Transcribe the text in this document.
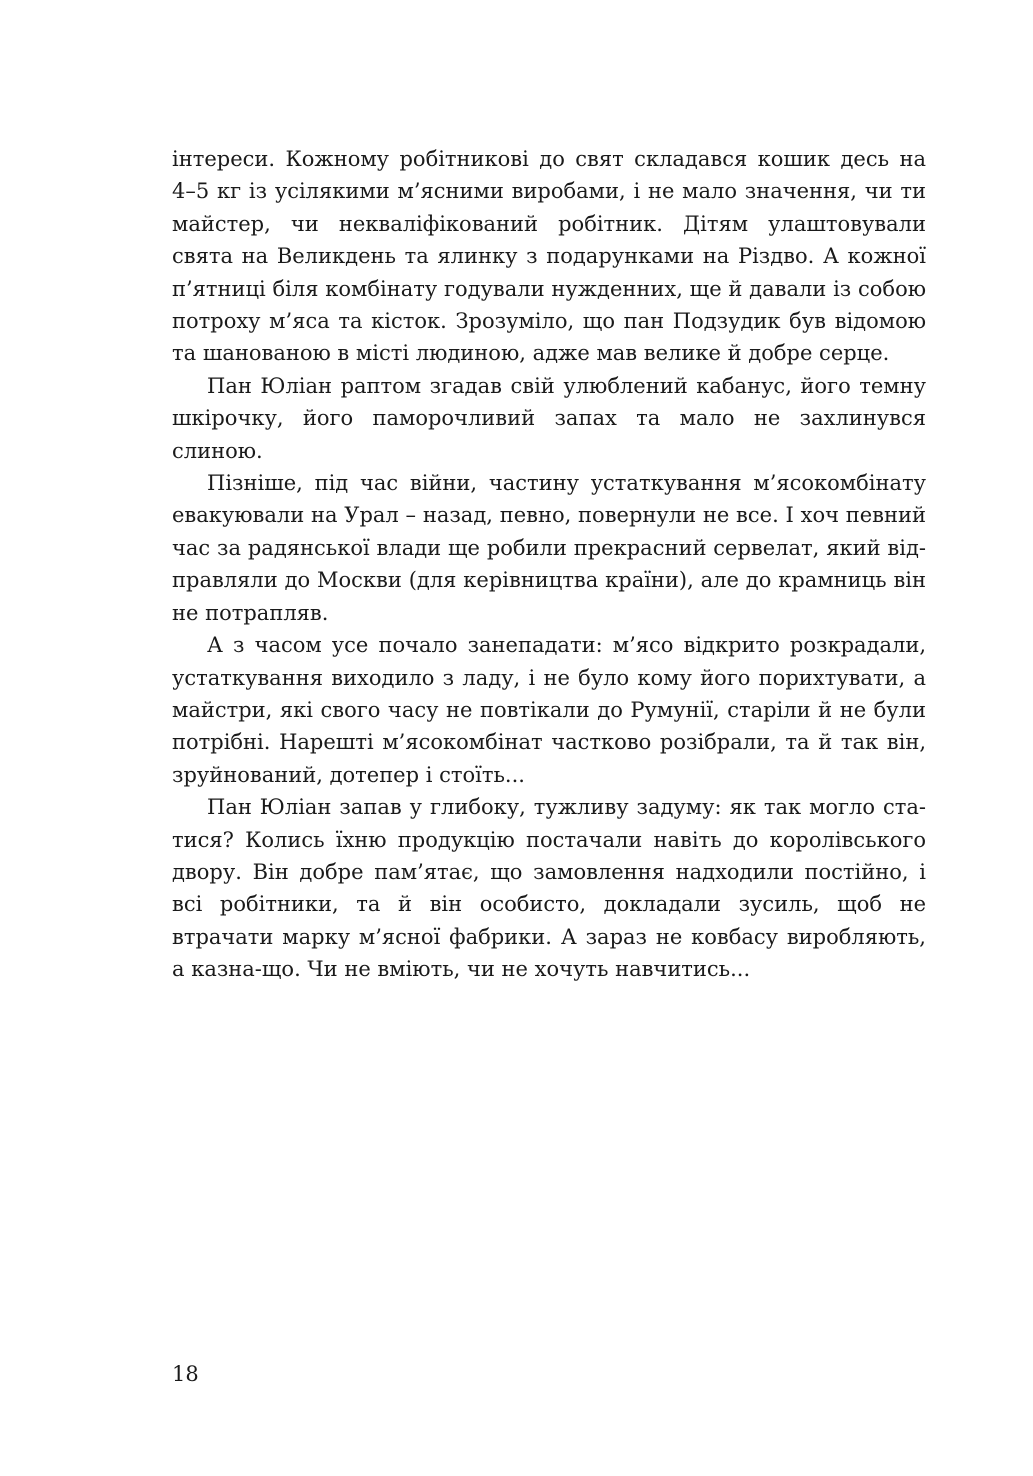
інтереси. Кожному робітникові до свят складався кошик десь на 4–5 кг із усілякими м’ясними виробами, і не мало значення, чи ти майстер, чи некваліфікований робітник. Дітям улаштовували свята на Великдень та ялинку з подарунками на Різдво. А кожної п’ятниці біля комбінату годували нужденних, ще й давали із собою потроху м’яса та кісток. Зрозуміло, що пан Подзудик був відомою та шанованою в місті людиною, адже мав велике й добре серце.

Пан Юліан раптом згадав свій улюблений кабанус, його темну шкірочку, його паморочливий запах та мало не захлинувся слиною.

Пізніше, під час війни, частину устаткування м’ясокомбінату евакуювали на Урал – назад, певно, повернули не все. І хоч певний час за радянської влади ще робили прекрасний сервелат, який відправляли до Москви (для керівництва країни), але до крамниць він не потрапляв.

А з часом усе почало занепадати: м’ясо відкрито розкрадали, устаткування виходило з ладу, і не було кому його порихтувати, а майстри, які свого часу не повтікали до Румунії, старіли й не були потрібні. Нарешті м’ясокомбінат частково розібрали, та й так він, зруйнований, дотепер і стоїть...

Пан Юліан запав у глибоку, тужливу задуму: як так могло статися? Колись їхню продукцію постачали навіть до королівського двору. Він добре пам’ятає, що замовлення надходили постійно, і всі робітники, та й він особисто, докладали зусиль, щоб не втрачати марку м’ясної фабрики. А зараз не ковбасу виробляють, а казна-що. Чи не вміють, чи не хочуть навчитись...

18
